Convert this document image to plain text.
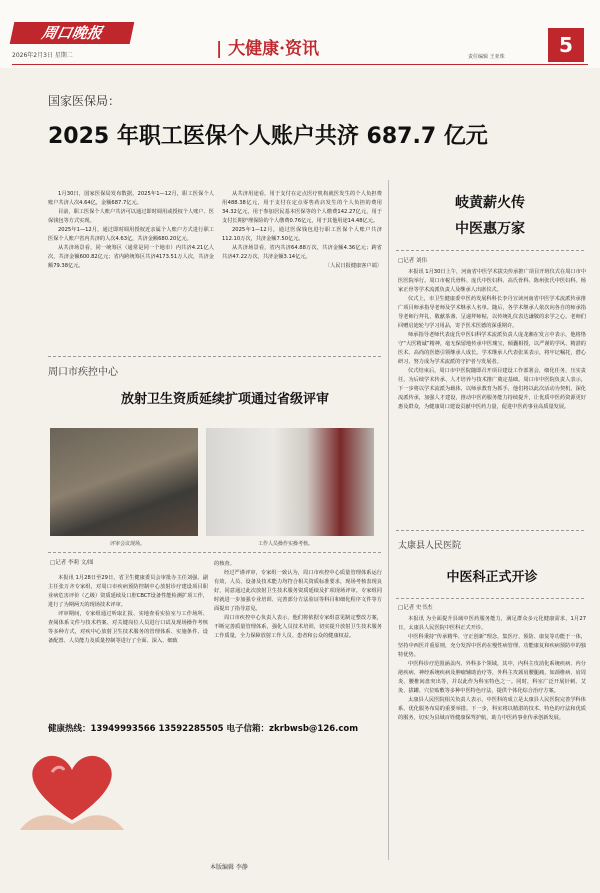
周口晚报
2026年2月3日 星期二	| 大健康·资讯	责任编辑 王亚珠	5
国家医保局：
2025 年职工医保个人账户共济 687.7 亿元

1月30日，国家医保局发布数据，2025年1—12月，职工医保个人账户共济人次4.64亿，金额687.7亿元。

目前，职工医保个人账户共济可以通过即时调用或授权个人账户、医保钱包等方式实现。

2025年1—12月，通过即时调用授权近亲属个人账户方式进行职工医保个人账户省内共济的人次4.63亿，共济金额680.20亿元。

从共济场景看，同一统筹区（通常是同一个地市）内共济4.21亿人次，共济金额600.82亿元；省内跨统筹区共济4173.51万人次，共济金额79.38亿元。

从共济用途看，用于支付在定点医疗机构就医发生的个人负担费用488.38亿元，用于支付在定点零售药店发生的个人负担的费用34.32亿元，用于参加居民基本医保等的个人缴费142.27亿元，用于支付长期护理保险的个人缴费0.76亿元，用于其他用途14.48亿元。

2025年1—12月，通过医保钱包进行职工医保个人账户共济112.10万次，共济金额7.50亿元。

从共济场景看，省内共济64.88万次，共济金额4.36亿元；跨省共济47.22万次，共济金额3.14亿元。

〔人民日报健康客户端〕

岐黄薪火传
中医惠万家
□记者 刘伟

本报讯 1月30日上午，河南省中医学术拔尖传承推广项目开班仪式在周口市中医医院举行。周口市税氏骨科、庞氏中医妇科、高氏骨科、陈州张氏中医妇科、杨家正骨等学术流派负责人及继承人出席仪式。

仪式上，市卫生健康委中医药发展科科长李丹宣读河南省中医学术流派传承推广项目师承指导老师及学术继承人名单。随后，各学术继承人依次向各自的师承指导老师行拜礼、敬献茶盏、呈递拜师帖，以传统礼仪表达谦敬的求学之心。老师们回赠启迪轮与学习用品，寄予医术医德的深重期许。

师承指导老师代表庞氏中医妇科学术流派负责人庞龙湘在发言中表示，他将恪守“大医精诚”精神，毫无保留地传承中医瑰宝，倾囊相授，以严谨的学风、精湛的医术、高尚的医德引领继承人成长。学术继承人代表张某表示，将牢记嘱托，潜心研习，努力成为学术流派的守护者与发展者。

仪式结束后，周口市中医院随即召开项目建设工作部署会，细化任务，压实责任，为后续学术传承、人才培养与技术推广奠定基础。周口市中医院负责人表示，下一步将以学术流派为载体，以师承教育为抓手，他们将以此次活动为契机，深化流派传承，加强人才建设，推动中医药服务能力持续提升，让优质中医药资源更好惠及群众，为健康周口建设贡献中医药力量，促进中医药事业高质量发展。

周口市疾控中心
放射卫生资质延续扩项通过省级评审
评审会议现场。	工作人员操作实操考核。
□记者 李莉 文/图

本报讯 1月28日至29日，省卫生健康委员会审批办主任刘强、副主任张万齐专家组，对周口市疾病预防控制中心放射诊疗建设项目职业病危害评价（乙级）资质延续及口腔CBCT设备性能检测扩项工作，进行了为期两天的现场技术评审。

评审期间，专家组通过听取汇报、实地查看实验室与工作场所、查阅体系文件与技术档案、对关键岗位人员进行口试及现场操作考核等多种方式，对疾中心放射卫生技术服务的管理体系、实施条件、设备配置、人员能力及质量控制等进行了全面、深入、细致

的核查。

经过严谨评审，专家组一致认为，周口市疾控中心质量管理体系运行有效，人员、设备及技术能力均符合相关资质标准要求，现场考核表现良好，同意通过此次放射卫生技术服务资质延续及扩项现场评审。专家组同时就进一步加强专业培训、完善部分方法验证等科目和细化程序文件等方面提出了指导意见。

周口市疾控中心负责人表示，他们将依据专家组意见制定整改方案，不断完善质量管理体系，强化人员技术培训，切实提升放射卫生技术服务工作质量，全力保障放射工作人员、患者和公众的健康权益。

健康热线：13949993566 13592285505 电子信箱：zkrbwsb@126.com
本版编辑 李静
太康县人民医院
中医科正式开诊
□记者 史书杰

本报讯 为全面提升县域中医药服务能力，满足群众多元化健康需求，1月27日，太康县人民医院中医科正式开诊。

中医科秉持“传承精华、守正创新”理念，集医疗、预防、康复等功能于一体，坚持中西医并重原则，充分发挥中医药在慢性病管理、功能康复和疾病预防中的独特优势。

中医科诊疗范围涵盖内、外科多个领域，其中，内科主攻消化系统疾病、内分泌疾病、神经系统疾病及肿瘤辅助治疗等，外科主攻颈肩腰腿痛，如颈椎病、肩周炎、腰椎间盘突出等，并以此作为科室特色之一。同时，科室广泛开展针刺、艾灸、拔罐、穴位贴敷等多种中医特色疗法，提供个体化综合治疗方案。

太康县人民医院相关负责人表示，中医科的成立是太康县人民医院完善学科体系、优化服务布局的重要举措。下一步，科室将以精湛的技术、特色的疗法和优质的服务，切实为县域百姓健康保驾护航，助力中医药事业传承创新发展。
